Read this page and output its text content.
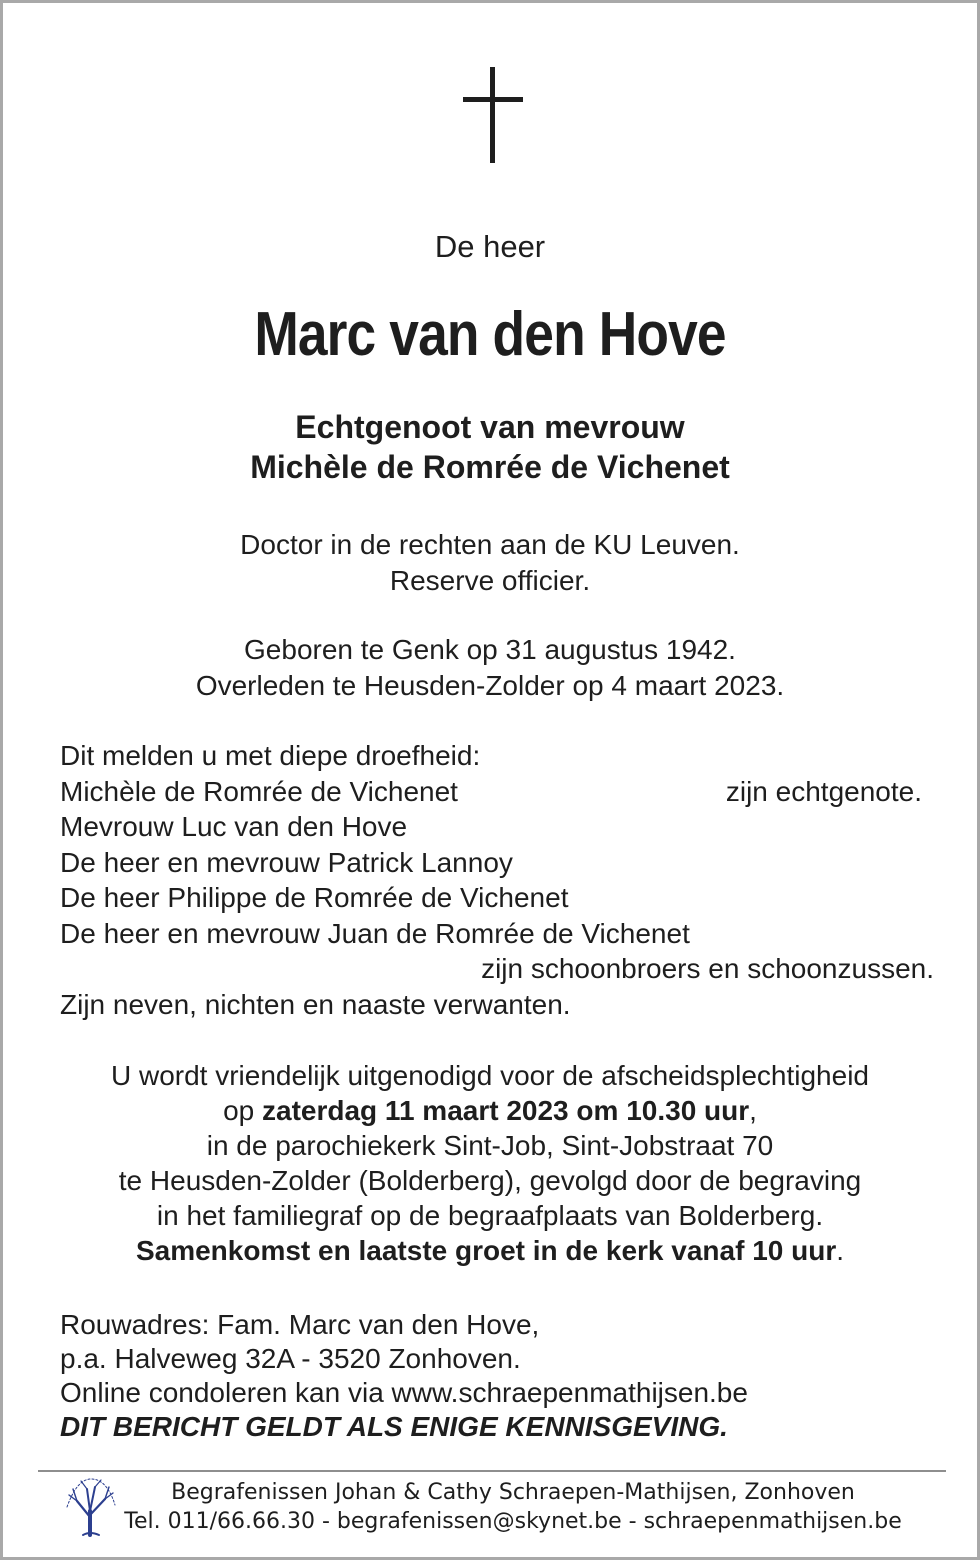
De heer
Marc van den Hove
Echtgenoot van mevrouw
Michèle de Romrée de Vichenet
Doctor in de rechten aan de KU Leuven.
Reserve officier.
Geboren te Genk op 31 augustus 1942.
Overleden te Heusden-Zolder op 4 maart 2023.
Dit melden u met diepe droefheid:
Michèle de Romrée de Vichenet	zijn echtgenote.
Mevrouw Luc van den Hove
De heer en mevrouw Patrick Lannoy
De heer Philippe de Romrée de Vichenet
De heer en mevrouw Juan de Romrée de Vichenet
zijn schoonbroers en schoonzussen.
Zijn neven, nichten en naaste verwanten.
U wordt vriendelijk uitgenodigd voor de afscheidsplechtigheid
op zaterdag 11 maart 2023 om 10.30 uur,
in de parochiekerk Sint-Job, Sint-Jobstraat 70
te Heusden-Zolder (Bolderberg), gevolgd door de begraving
in het familiegraf op de begraafplaats van Bolderberg.
Samenkomst en laatste groet in de kerk vanaf 10 uur.
Rouwadres: Fam. Marc van den Hove,
p.a. Halveweg 32A - 3520 Zonhoven.
Online condoleren kan via www.schraepenmathijsen.be
DIT BERICHT GELDT ALS ENIGE KENNISGEVING.
Begrafenissen Johan & Cathy Schraepen-Mathijsen, Zonhoven
Tel. 011/66.66.30 - begrafenissen@skynet.be - schraepenmathijsen.be
